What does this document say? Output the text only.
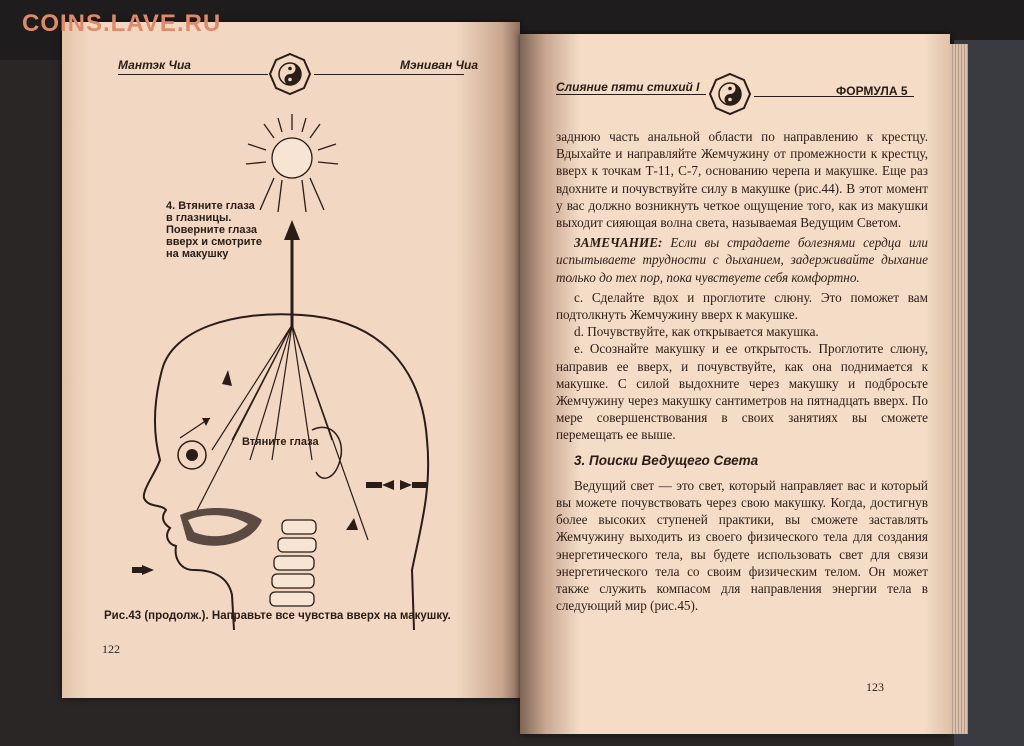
COINS.LAVE.RU
Мантэк Чиа	Мэниван Чиа
4. Втяните глаза
в глазницы.
Поверните глаза
вверх и смотрите
на макушку
Втяните глаза
Рис.43 (продолж.). Направьте все чувства вверх на макушку.
122
Слияние пяти стихий I	ФОРМУЛА 5

заднюю часть анальной области по направлению к крестцу. Вдыхайте и направляйте Жемчужину от промежности к крестцу, вверх к точкам Т-11, С-7, основанию черепа и макушке. Еще раз вдохните и почувствуйте силу в макушке (рис.44). В этот момент у вас должно возникнуть четкое ощущение того, как из макушки выходит сияющая волна света, называемая Ведущим Светом.

ЗАМЕЧАНИЕ: Если вы страдаете болезнями сердца или испытываете трудности с дыханием, задерживайте дыхание только до тех пор, пока чувствуете себя комфортно.

c. Сделайте вдох и проглотите слюну. Это поможет вам подтолкнуть Жемчужину вверх к макушке.

d. Почувствуйте, как открывается макушка.

e. Осознайте макушку и ее открытость. Проглотите слюну, направив ее вверх, и почувствуйте, как она поднимается к макушке. С силой выдохните через макушку и подбросьте Жемчужину через макушку сантиметров на пятнадцать вверх. По мере совершенствования в своих занятиях вы сможете перемещать ее выше.

3. Поиски Ведущего Света

Ведущий свет — это свет, который направляет вас и который вы можете почувствовать через свою макушку. Когда, достигнув более высоких ступеней практики, вы сможете заставлять Жемчужину выходить из своего физического тела для создания энергетического тела, вы будете использовать свет для связи энергетического тела со своим физическим телом. Он может также служить компасом для направления энергии тела в следующий мир (рис.45).

123
